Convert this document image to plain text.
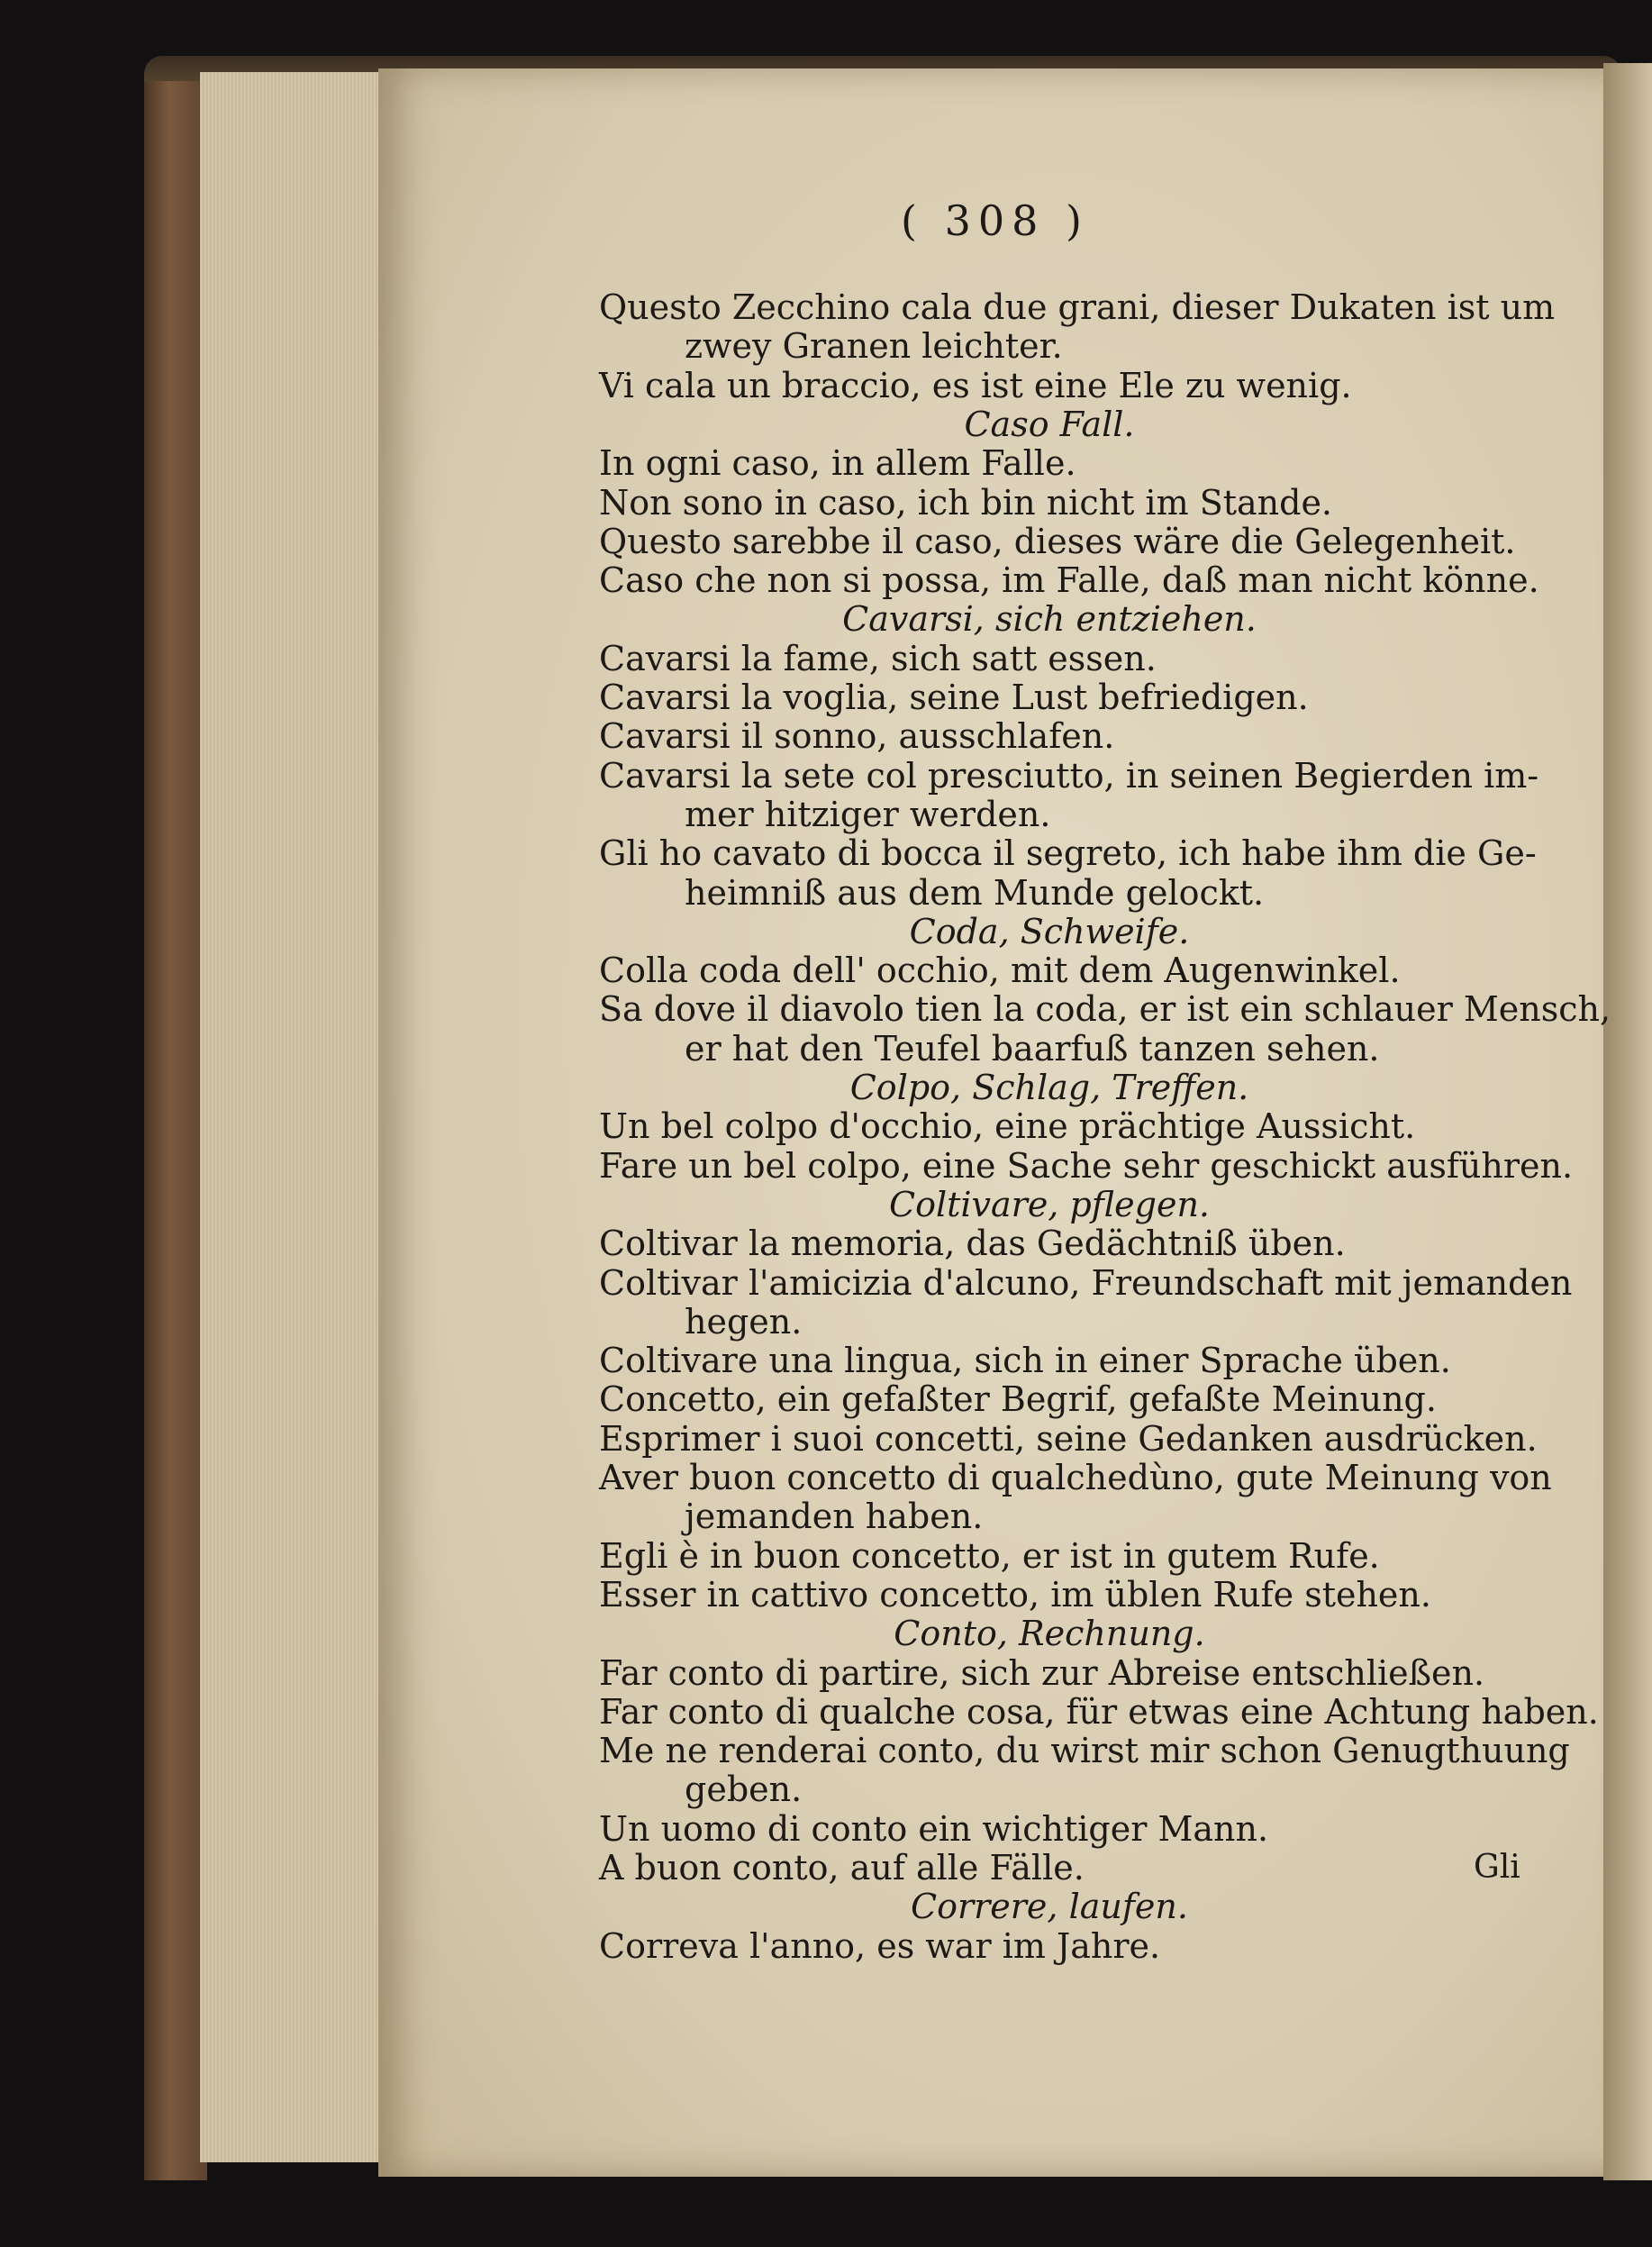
( 308 )
Questo Zecchino cala due grani, dieser Dukaten ist um
zwey Granen leichter.
Vi cala un braccio, es ist eine Ele zu wenig.
Caso Fall.
In ogni caso, in allem Falle.
Non sono in caso, ich bin nicht im Stande.
Questo sarebbe il caso, dieses wäre die Gelegenheit.
Caso che non si possa, im Falle, daß man nicht könne.
Cavarsi, sich entziehen.
Cavarsi la fame, sich satt essen.
Cavarsi la voglia, seine Lust befriedigen.
Cavarsi il sonno, ausschlafen.
Cavarsi la sete col presciutto, in seinen Begierden im-
mer hitziger werden.
Gli ho cavato di bocca il segreto, ich habe ihm die Ge-
heimniß aus dem Munde gelockt.
Coda, Schweife.
Colla coda dell' occhio, mit dem Augenwinkel.
Sa dove il diavolo tien la coda, er ist ein schlauer Mensch,
er hat den Teufel baarfuß tanzen sehen.
Colpo, Schlag, Treffen.
Un bel colpo d'occhio, eine prächtige Aussicht.
Fare un bel colpo, eine Sache sehr geschickt ausführen.
Coltivare, pflegen.
Coltivar la memoria, das Gedächtniß üben.
Coltivar l'amicizia d'alcuno, Freundschaft mit jemanden
hegen.
Coltivare una lingua, sich in einer Sprache üben.
Concetto, ein gefaßter Begrif, gefaßte Meinung.
Esprimer i suoi concetti, seine Gedanken ausdrücken.
Aver buon concetto di qualchedùno, gute Meinung von
jemanden haben.
Egli è in buon concetto, er ist in gutem Rufe.
Esser in cattivo concetto, im üblen Rufe stehen.
Conto, Rechnung.
Far conto di partire, sich zur Abreise entschließen.
Far conto di qualche cosa, für etwas eine Achtung haben.
Me ne renderai conto, du wirst mir schon Genugthuung
geben.
Un uomo di conto ein wichtiger Mann.
A buon conto, auf alle Fälle.
Correre, laufen.
Correva l'anno, es war im Jahre.
Gli
